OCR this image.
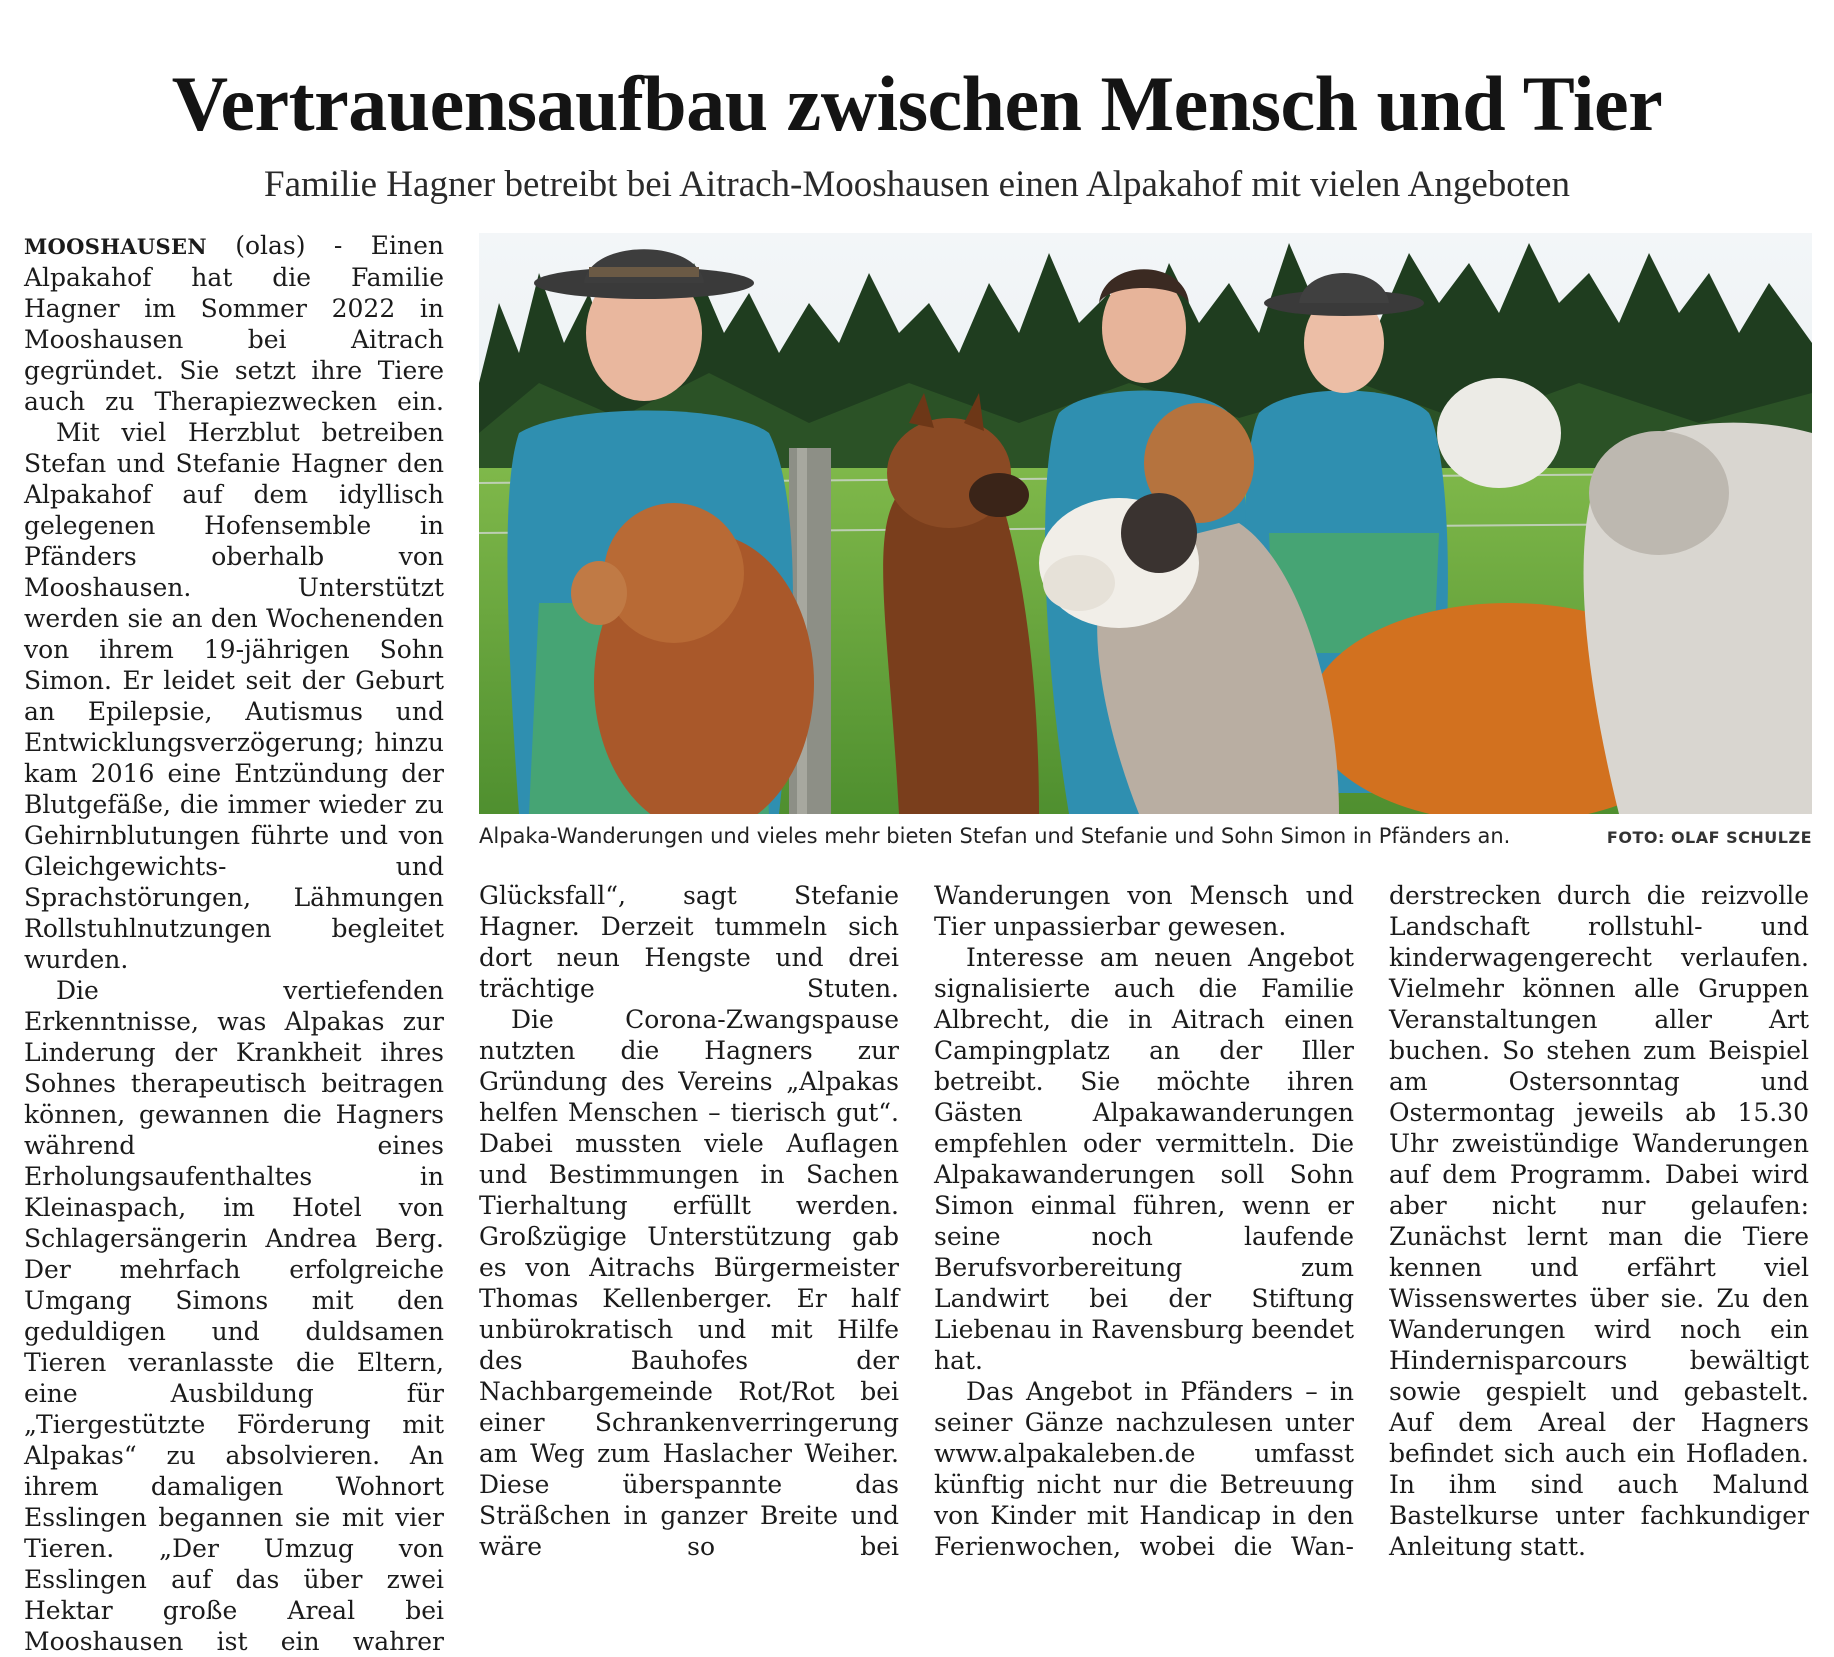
Vertrauensaufbau zwischen Mensch und Tier
Familie Hagner betreibt bei Aitrach-Mooshausen einen Alpakahof mit vielen Angeboten

MOOSHAUSEN (olas) - Einen Alpakahof hat die Familie Hagner im Sommer 2022 in Mooshausen bei Aitrach gegründet. Sie setzt ihre Tiere auch zu Therapiezwecken ein.

Mit viel Herzblut betreiben Stefan und Stefanie Hagner den Alpakahof auf dem idyllisch gelegenen Hofensemble in Pfänders oberhalb von Mooshausen. Unterstützt werden sie an den Wochenenden von ihrem 19-jährigen Sohn Simon. Er leidet seit der Geburt an Epilepsie, Autismus und Entwicklungsverzögerung; hinzu kam 2016 eine Entzündung der Blutgefäße, die immer wieder zu Gehirnblutungen führte und von Gleichgewichts- und Sprachstörungen, Lähmungen Rollstuhlnutzungen begleitet wurden.

Die vertiefenden Erkenntnisse, was Alpakas zur Linderung der Krankheit ihres Sohnes therapeutisch beitragen können, gewannen die Hagners während eines Erholungsaufenthaltes in Kleinaspach, im Hotel von Schlagersängerin Andrea Berg. Der mehrfach erfolgreiche Umgang Simons mit den geduldigen und duldsamen Tieren veranlasste die Eltern, eine Ausbildung für „Tiergestützte Förderung mit Alpakas“ zu absolvieren. An ihrem damaligen Wohnort Esslingen begannen sie mit vier Tieren. „Der Umzug von Esslingen auf das über zwei Hektar große Areal bei Mooshausen ist ein wahrer

Alpaka-Wanderungen und vieles mehr bieten Stefan und Stefanie und Sohn Simon in Pfänders an.	FOTO: OLAF SCHULZE

Glücksfall“, sagt Stefanie Hagner. Derzeit tummeln sich dort neun Hengste und drei trächtige Stuten.

Die Corona-Zwangspause nutzten die Hagners zur Gründung des Vereins „Alpakas helfen Menschen – tierisch gut“. Dabei mussten viele Auflagen und Bestimmungen in Sachen Tierhaltung erfüllt werden. Großzügige Unterstützung gab es von Aitrachs Bürgermeister Thomas Kellenberger. Er half unbürokratisch und mit Hilfe des Bauhofes der Nachbargemeinde Rot/Rot bei einer Schrankenverringerung am Weg zum Haslacher Weiher. Diese überspannte das Sträßchen in ganzer Breite und wäre so bei

Wanderungen von Mensch und Tier unpassierbar gewesen.

Interesse am neuen Angebot signalisierte auch die Familie Albrecht, die in Aitrach einen Campingplatz an der Iller betreibt. Sie möchte ihren Gästen Alpakawanderungen empfehlen oder vermitteln. Die Alpakawanderungen soll Sohn Simon einmal führen, wenn er seine noch laufende Berufsvorbereitung zum Landwirt bei der Stiftung Liebenau in Ravensburg beendet hat.

Das Angebot in Pfänders – in seiner Gänze nachzulesen unter www.alpakaleben.de umfasst künftig nicht nur die Betreuung von Kinder mit Handicap in den Ferienwochen, wobei die Wan-

derstrecken durch die reizvolle Landschaft rollstuhl- und kinderwagengerecht verlaufen. Vielmehr können alle Gruppen Veranstaltungen aller Art buchen. So stehen zum Beispiel am Ostersonntag und Ostermontag jeweils ab 15.30 Uhr zweistündige Wanderungen auf dem Programm. Dabei wird aber nicht nur gelaufen: Zunächst lernt man die Tiere kennen und erfährt viel Wissenswertes über sie. Zu den Wanderungen wird noch ein Hindernisparcours bewältigt sowie gespielt und gebastelt. Auf dem Areal der Hagners befindet sich auch ein Hofladen. In ihm sind auch Malund Bastelkurse unter fachkundiger Anleitung statt.
